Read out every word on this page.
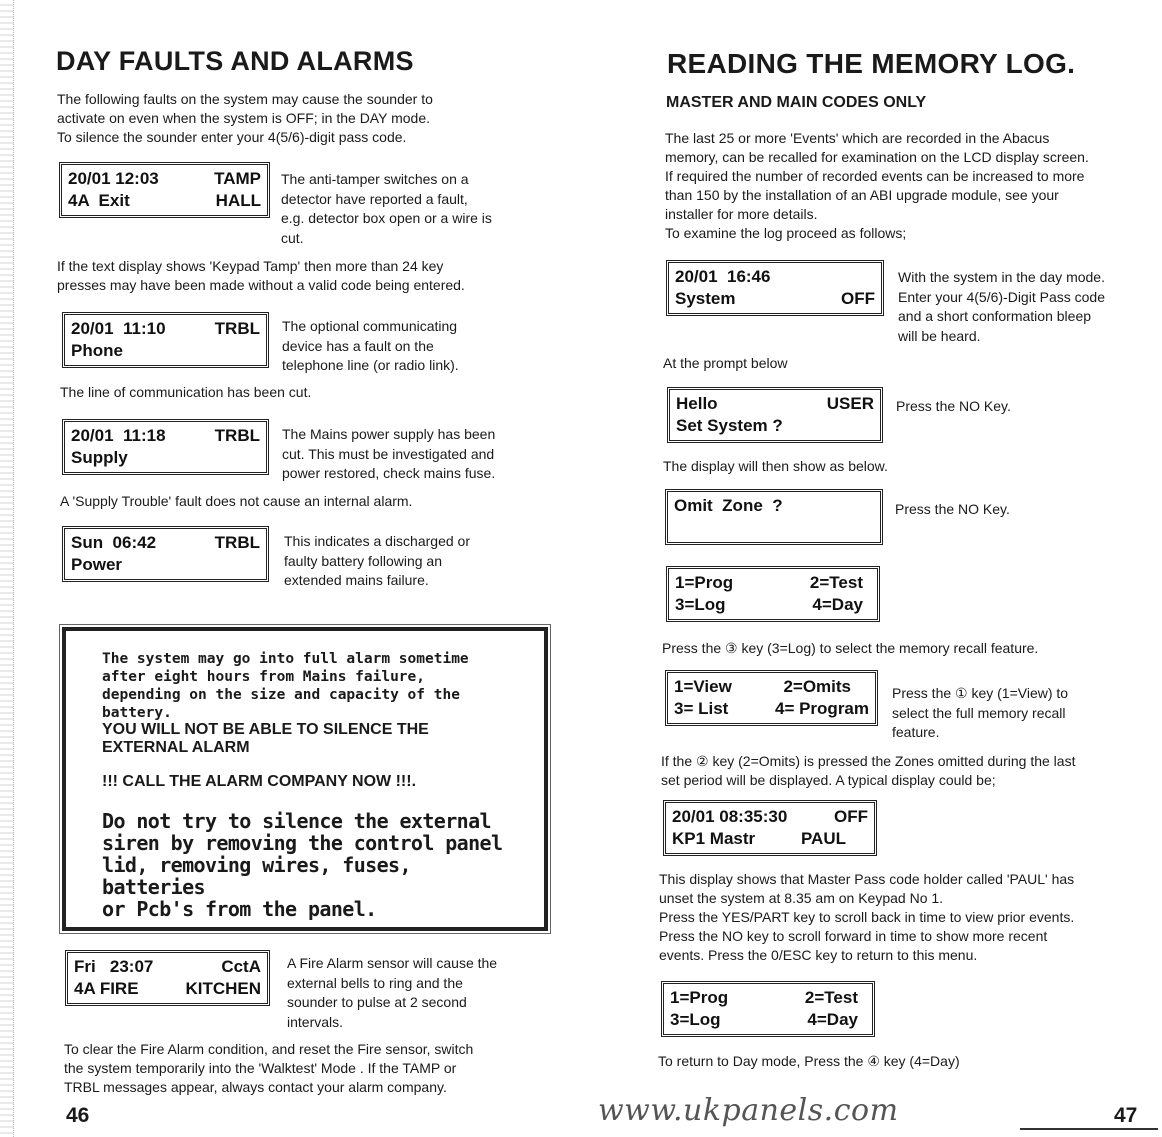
DAY FAULTS AND ALARMS
The following faults on the system may cause the sounder to
activate on even when the system is OFF; in the DAY mode.
To silence the sounder enter your 4(5/6)-digit pass code.
20/01 12:03	TAMP
4A  Exit	HALL
The anti-tamper switches on a
detector have reported a fault,
e.g. detector box open or a wire is
cut.
If the text display shows 'Keypad Tamp' then more than 24 key
presses may have been made without a valid code being entered.
20/01  11:10	TRBL
Phone
The optional communicating
device has a fault on the
telephone line (or radio link).
The line of communication has been cut.
20/01  11:18	TRBL
Supply
The Mains power supply has been
cut. This must be investigated and
power restored, check mains fuse.
A 'Supply Trouble' fault does not cause an internal alarm.
Sun  06:42	TRBL
Power
This indicates a discharged or
faulty battery following an
extended mains failure.
The system may go into full alarm sometime
after eight hours from Mains failure,
depending on the size and capacity of the
battery.
YOU WILL NOT BE ABLE TO SILENCE THE
EXTERNAL ALARM
!!! CALL THE ALARM COMPANY NOW !!!.
Do not try to silence the external
siren by removing the control panel
lid, removing wires, fuses, batteries
or Pcb's from the panel.
Fri   23:07	CctA
4A FIRE	KITCHEN
A Fire Alarm sensor will cause the
external bells to ring and the
sounder to pulse at 2 second
intervals.
To clear the Fire Alarm condition, and reset the Fire sensor, switch
the system temporarily into the 'Walktest' Mode . If the TAMP or
TRBL messages appear, always contact your alarm company.
46
READING THE MEMORY LOG.
MASTER AND MAIN CODES ONLY
The last 25 or more 'Events' which are recorded in the Abacus
memory, can be recalled for examination on the LCD display screen.
If required the number of recorded events can be increased to more
than 150 by the installation of an ABI upgrade module, see your
installer for more details.
To examine the log proceed as follows;
20/01  16:46
System	OFF
With the system in the day mode.
Enter your 4(5/6)-Digit Pass code
and a short conformation bleep
will be heard.
At the prompt below
Hello	USER
Set System ?
Press the NO Key.
The display will then show as below.
Omit  Zone  ?
	Press the NO Key.
1=Prog	2=Test
3=Log	4=Day
Press the ③ key (3=Log) to select the memory recall feature.
1=View	2=Omits
3= List	4= Program
Press the ① key (1=View) to
select the full memory recall
feature.
If the ② key (2=Omits) is pressed the Zones omitted during the last
set period will be displayed. A typical display could be;
20/01 08:35:30	OFF
KP1 Mastr	PAUL
This display shows that Master Pass code holder called 'PAUL' has
unset the system at 8.35 am on Keypad No 1.
Press the YES/PART key to scroll back in time to view prior events.
Press the NO key to scroll forward in time to show more recent
events. Press the 0/ESC key to return to this menu.
1=Prog	2=Test
3=Log	4=Day
To return to Day mode, Press the ④ key (4=Day)
47
www.ukpanels.com
